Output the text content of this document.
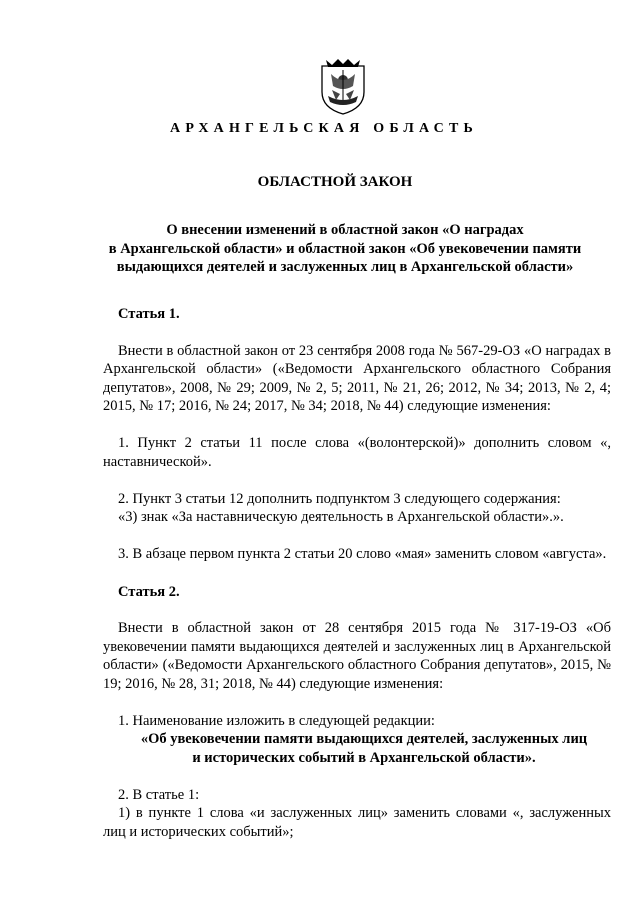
АРХАНГЕЛЬСКАЯ ОБЛАСТЬ
ОБЛАСТНОЙ ЗАКОН
О внесении изменений в областной закон «О наградах
в Архангельской области» и областной закон «Об увековечении памяти
выдающихся деятелей и заслуженных лиц в Архангельской области»

Статья 1.

Внести в областной закон от 23 сентября 2008 года № 567-29-ОЗ «О наградах в Архангельской области» («Ведомости Архангельского областного Собрания депутатов», 2008, № 29; 2009, № 2, 5; 2011, № 21, 26; 2012, № 34; 2013, № 2, 4; 2015, № 17; 2016, № 24; 2017, № 34; 2018, № 44) следующие изменения:

1. Пункт 2 статьи 11 после слова «(волонтерской)» дополнить словом «, наставнической».

2. Пункт 3 статьи 12 дополнить подпунктом 3 следующего содержания:

«3) знак «За наставническую деятельность в Архангельской области».».

3. В абзаце первом пункта 2 статьи 20 слово «мая» заменить словом «августа».

Статья 2.

Внести в областной закон от 28 сентября 2015 года № 317-19-ОЗ «Об увековечении памяти выдающихся деятелей и заслуженных лиц в Архангельской области» («Ведомости Архангельского областного Собрания депутатов», 2015, № 19; 2016, № 28, 31; 2018, № 44) следующие изменения:

1. Наименование изложить в следующей редакции:

«Об увековечении памяти выдающихся деятелей, заслуженных лиц

и исторических событий в Архангельской области».

2. В статье 1:

1) в пункте 1 слова «и заслуженных лиц» заменить словами «, заслуженных лиц и исторических событий»;
